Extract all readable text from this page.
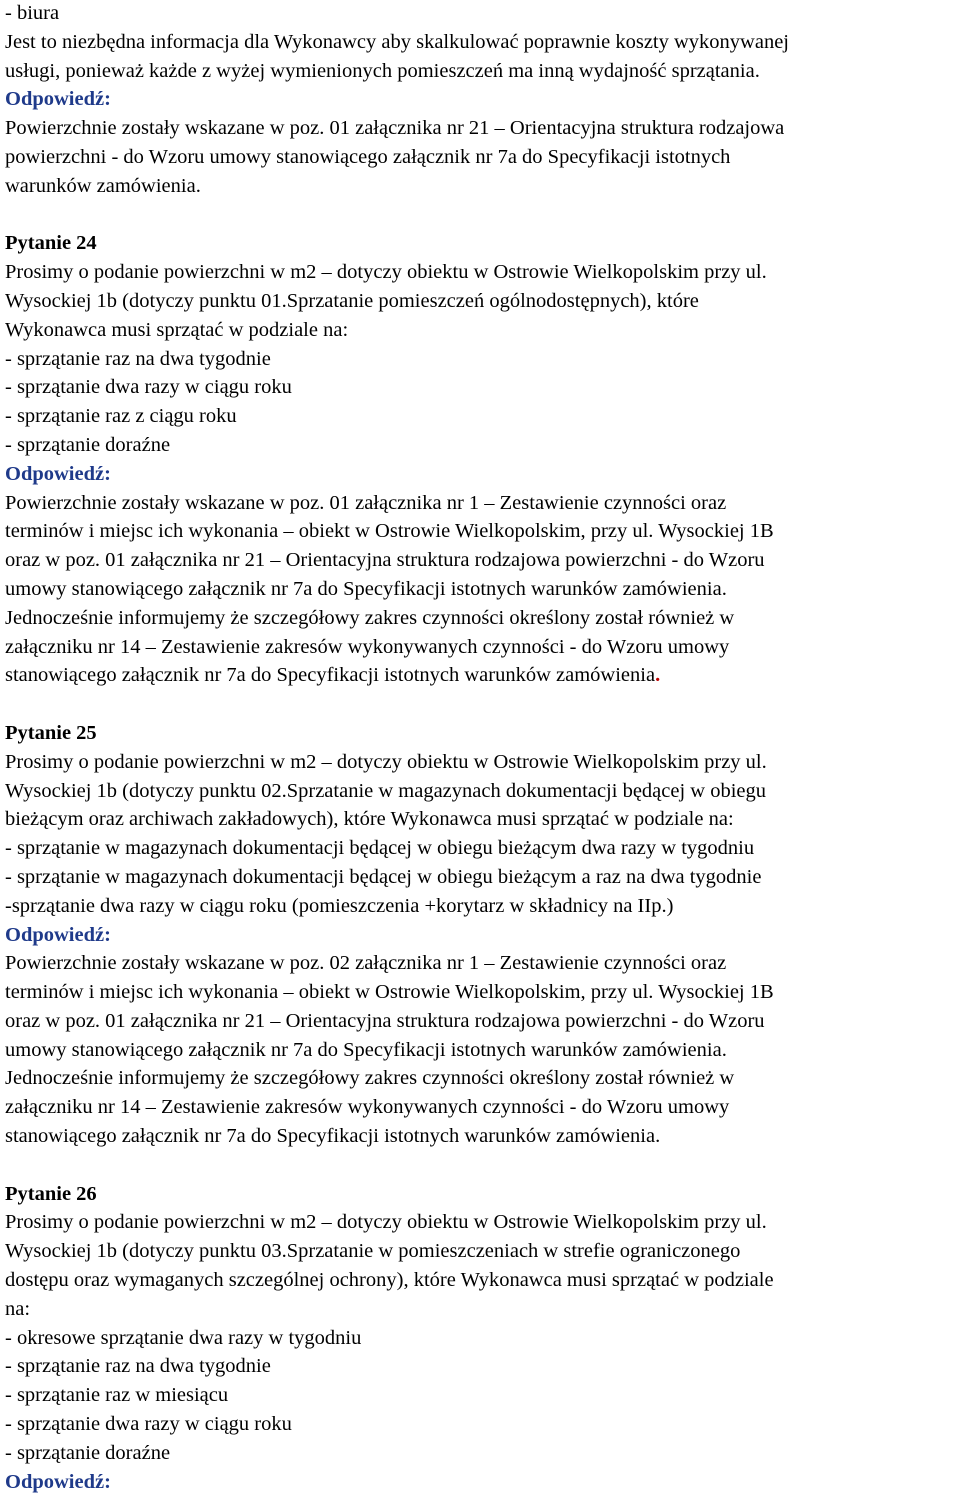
- biura
Jest to niezbędna informacja dla Wykonawcy aby skalkulować poprawnie koszty wykonywanej
usługi, ponieważ każde z wyżej wymienionych pomieszczeń ma inną wydajność sprzątania.
Odpowiedź:
Powierzchnie zostały wskazane w poz. 01 załącznika nr 21 – Orientacyjna struktura rodzajowa
powierzchni - do Wzoru umowy stanowiącego załącznik nr 7a do Specyfikacji istotnych
warunków zamówienia.
Pytanie 24
Prosimy o podanie powierzchni w m2 – dotyczy obiektu w Ostrowie Wielkopolskim przy ul.
Wysockiej 1b (dotyczy punktu 01.Sprzatanie pomieszczeń ogólnodostępnych), które
Wykonawca musi sprzątać w podziale na:
- sprzątanie raz na dwa tygodnie
- sprzątanie dwa razy w ciągu roku
- sprzątanie raz z ciągu roku
- sprzątanie doraźne
Odpowiedź:
Powierzchnie zostały wskazane w poz. 01 załącznika nr 1 – Zestawienie czynności oraz
terminów i miejsc ich wykonania – obiekt w Ostrowie Wielkopolskim, przy ul. Wysockiej 1B
oraz w poz. 01 załącznika nr 21 – Orientacyjna struktura rodzajowa powierzchni - do Wzoru
umowy stanowiącego załącznik nr 7a do Specyfikacji istotnych warunków zamówienia.
Jednocześnie informujemy że szczegółowy zakres czynności określony został również w
załączniku nr 14 – Zestawienie zakresów wykonywanych czynności - do Wzoru umowy
stanowiącego załącznik nr 7a do Specyfikacji istotnych warunków zamówienia.
Pytanie 25
Prosimy o podanie powierzchni w m2 – dotyczy obiektu w Ostrowie Wielkopolskim przy ul.
Wysockiej 1b (dotyczy punktu 02.Sprzatanie w magazynach dokumentacji będącej w obiegu
bieżącym oraz archiwach zakładowych), które Wykonawca musi sprzątać w podziale na:
- sprzątanie w magazynach dokumentacji będącej w obiegu bieżącym dwa razy w tygodniu
- sprzątanie w magazynach dokumentacji będącej w obiegu bieżącym a raz na dwa tygodnie
-sprzątanie dwa razy w ciągu roku (pomieszczenia +korytarz w składnicy na IIp.)
Odpowiedź:
Powierzchnie zostały wskazane w poz. 02 załącznika nr 1 – Zestawienie czynności oraz
terminów i miejsc ich wykonania – obiekt w Ostrowie Wielkopolskim, przy ul. Wysockiej 1B
oraz w poz. 01 załącznika nr 21 – Orientacyjna struktura rodzajowa powierzchni - do Wzoru
umowy stanowiącego załącznik nr 7a do Specyfikacji istotnych warunków zamówienia.
Jednocześnie informujemy że szczegółowy zakres czynności określony został również w
załączniku nr 14 – Zestawienie zakresów wykonywanych czynności - do Wzoru umowy
stanowiącego załącznik nr 7a do Specyfikacji istotnych warunków zamówienia.
Pytanie 26
Prosimy o podanie powierzchni w m2 – dotyczy obiektu w Ostrowie Wielkopolskim przy ul.
Wysockiej 1b (dotyczy punktu 03.Sprzatanie w pomieszczeniach w strefie ograniczonego
dostępu oraz wymaganych szczególnej ochrony), które Wykonawca musi sprzątać w podziale
na:
- okresowe sprzątanie dwa razy w tygodniu
- sprzątanie raz na dwa tygodnie
- sprzątanie raz w miesiącu
- sprzątanie dwa razy w ciągu roku
- sprzątanie doraźne
Odpowiedź:
